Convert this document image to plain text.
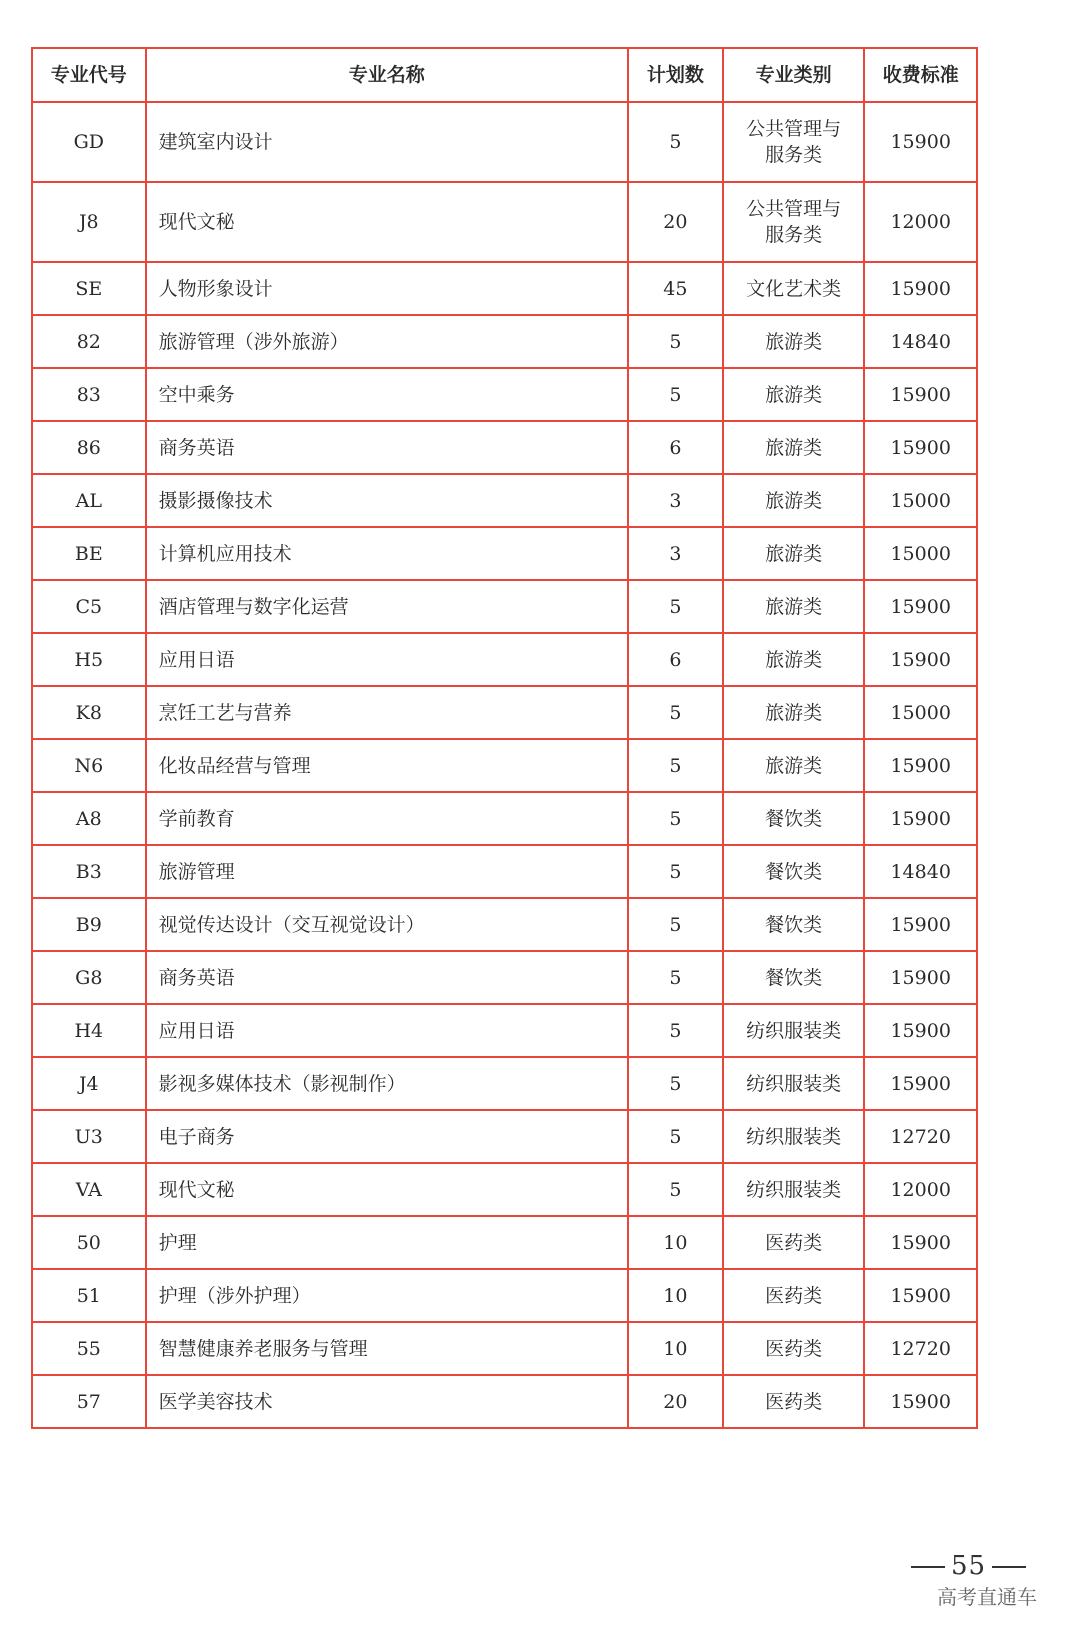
专业代号	专业名称	计划数	专业类别	收费标准
GD	建筑室内设计	5	公共管理与服务类	15900
J8	现代文秘	20	公共管理与服务类	12000
SE	人物形象设计	45	文化艺术类	15900
82	旅游管理（涉外旅游）	5	旅游类	14840
83	空中乘务	5	旅游类	15900
86	商务英语	6	旅游类	15900
AL	摄影摄像技术	3	旅游类	15000
BE	计算机应用技术	3	旅游类	15000
C5	酒店管理与数字化运营	5	旅游类	15900
H5	应用日语	6	旅游类	15900
K8	烹饪工艺与营养	5	旅游类	15000
N6	化妆品经营与管理	5	旅游类	15900
A8	学前教育	5	餐饮类	15900
B3	旅游管理	5	餐饮类	14840
B9	视觉传达设计（交互视觉设计）	5	餐饮类	15900
G8	商务英语	5	餐饮类	15900
H4	应用日语	5	纺织服装类	15900
J4	影视多媒体技术（影视制作）	5	纺织服装类	15900
U3	电子商务	5	纺织服装类	12720
VA	现代文秘	5	纺织服装类	12000
50	护理	10	医药类	15900
51	护理（涉外护理）	10	医药类	15900
55	智慧健康养老服务与管理	10	医药类	12720
57	医学美容技术	20	医药类	15900
55
高考直通车
